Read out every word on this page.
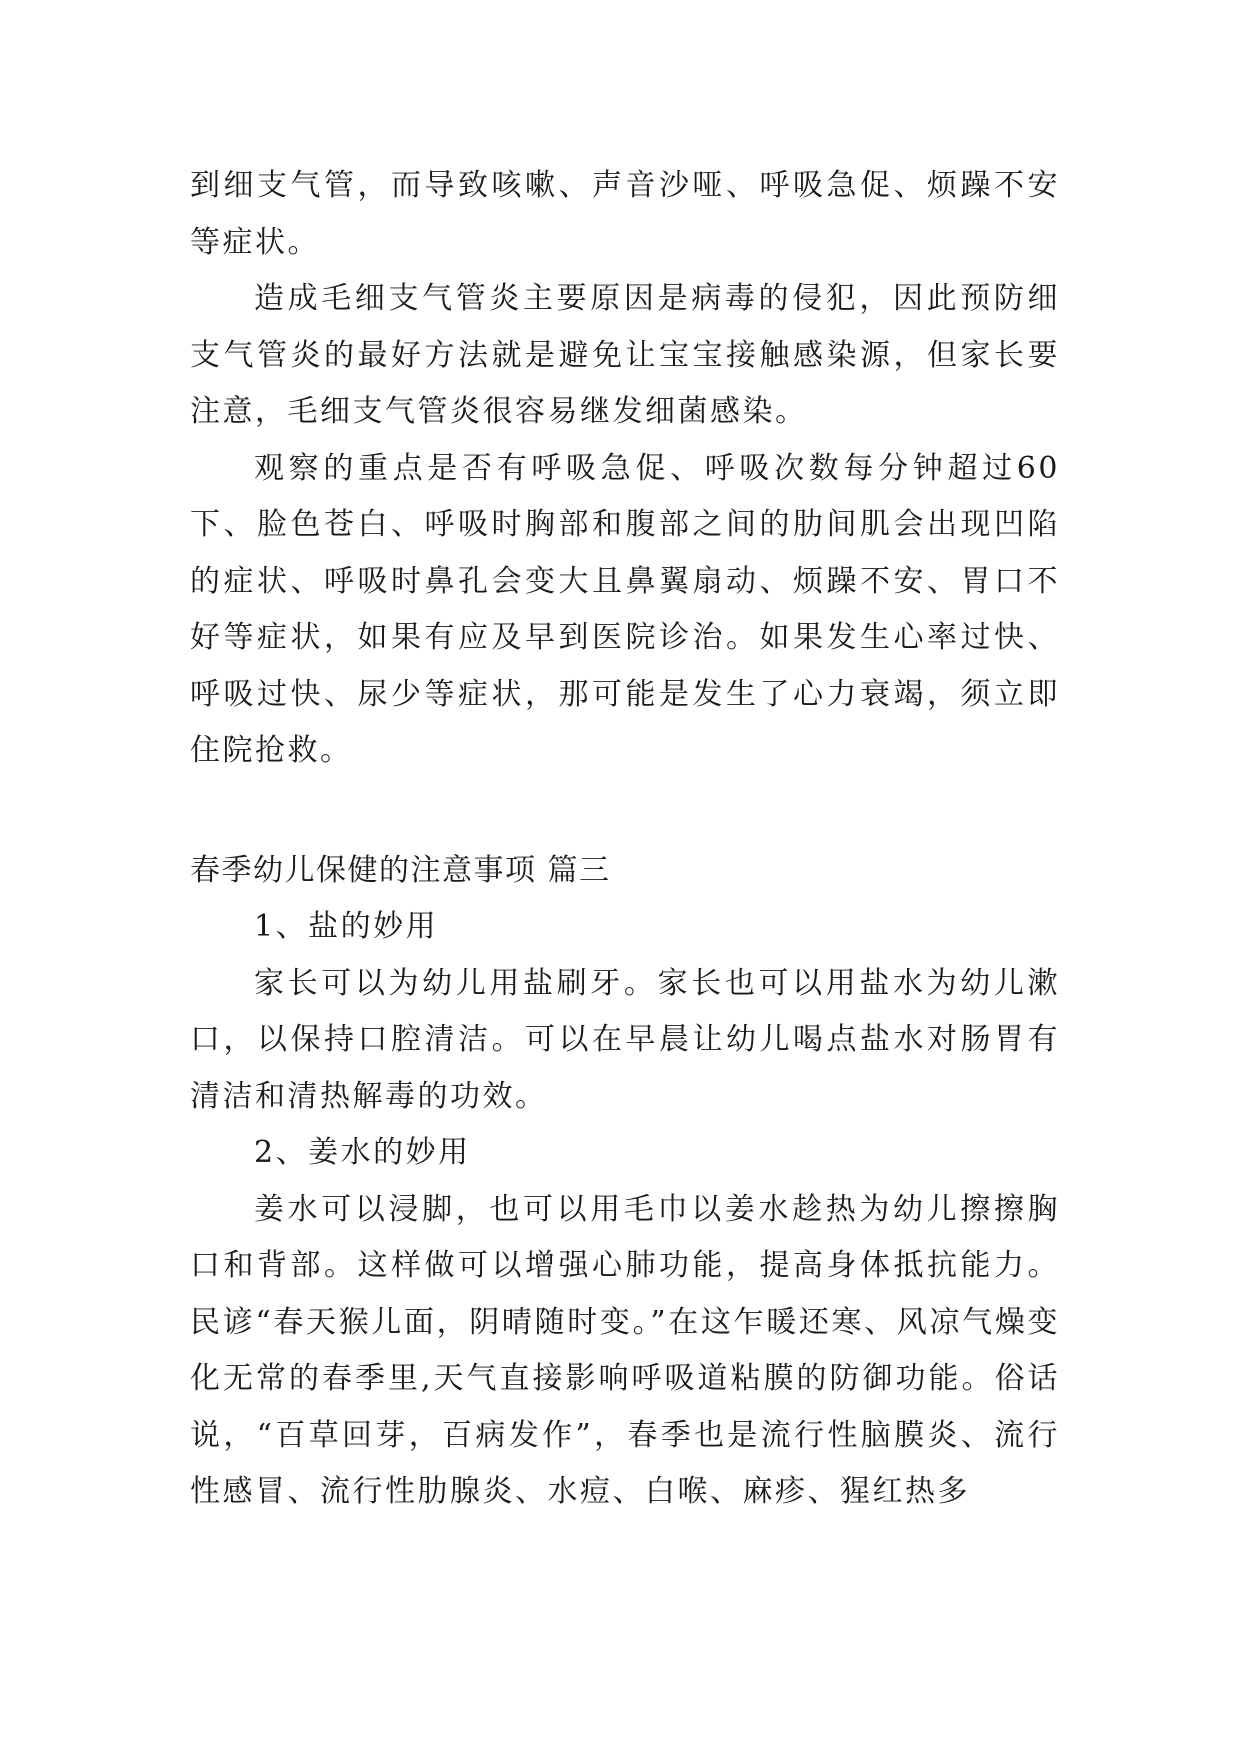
到细支气管，而导致咳嗽、声音沙哑、呼吸急促、烦躁不安等症状。

造成毛细支气管炎主要原因是病毒的侵犯，因此预防细支气管炎的最好方法就是避免让宝宝接触感染源，但家长要注意，毛细支气管炎很容易继发细菌感染。

观察的重点是否有呼吸急促、呼吸次数每分钟超过60下、脸色苍白、呼吸时胸部和腹部之间的肋间肌会出现凹陷的症状、呼吸时鼻孔会变大且鼻翼扇动、烦躁不安、胃口不好等症状，如果有应及早到医院诊治。如果发生心率过快、呼吸过快、尿少等症状，那可能是发生了心力衰竭，须立即住院抢救。

春季幼儿保健的注意事项 篇三

1、盐的妙用

家长可以为幼儿用盐刷牙。家长也可以用盐水为幼儿漱口，以保持口腔清洁。可以在早晨让幼儿喝点盐水对肠胃有清洁和清热解毒的功效。

2、姜水的妙用

姜水可以浸脚，也可以用毛巾以姜水趁热为幼儿擦擦胸口和背部。这样做可以增强心肺功能，提高身体抵抗能力。民谚“春天猴儿面，阴晴随时变。”在这乍暖还寒、风凉气燥变化无常的春季里,天气直接影响呼吸道粘膜的防御功能。俗话说，“百草回芽，百病发作”，春季也是流行性脑膜炎、流行性感冒、流行性肋腺炎、水痘、白喉、麻疹、猩红热多
